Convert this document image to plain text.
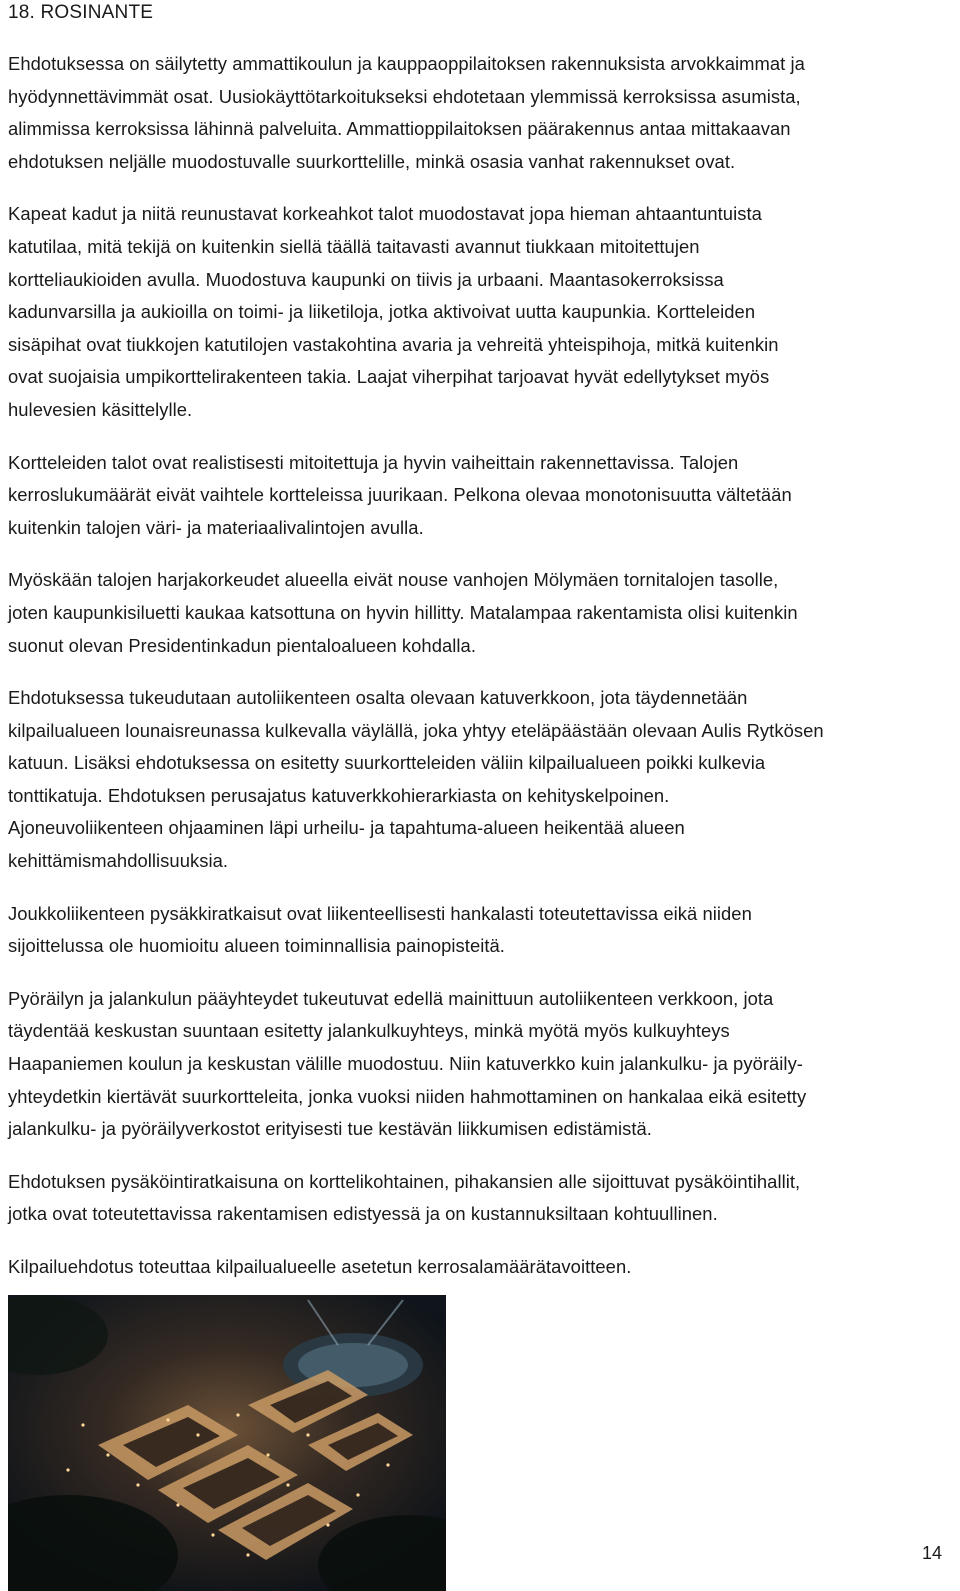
18. ROSINANTE

Ehdotuksessa on säilytetty ammattikoulun ja kauppaoppilaitoksen rakennuksista arvokkaimmat ja
hyödynnettävimmät osat. Uusiokäyttötarkoitukseksi ehdotetaan ylemmissä kerroksissa asumista,
alimmissa kerroksissa lähinnä palveluita. Ammattioppilaitoksen päärakennus antaa mittakaavan
ehdotuksen neljälle muodostuvalle suurkorttelille, minkä osasia vanhat rakennukset ovat.

Kapeat kadut ja niitä reunustavat korkeahkot talot muodostavat jopa hieman ahtaantuntuista
katutilaa, mitä tekijä on kuitenkin siellä täällä taitavasti avannut tiukkaan mitoitettujen
kortteliaukioiden avulla. Muodostuva kaupunki on tiivis ja urbaani. Maantasokerroksissa
kadunvarsilla ja aukioilla on toimi- ja liiketiloja, jotka aktivoivat uutta kaupunkia. Kortteleiden
sisäpihat ovat tiukkojen katutilojen vastakohtina avaria ja vehreitä yhteispihoja, mitkä kuitenkin
ovat suojaisia umpikorttelirakenteen takia. Laajat viherpihat tarjoavat hyvät edellytykset myös
hulevesien käsittelylle.

Kortteleiden talot ovat realistisesti mitoitettuja ja hyvin vaiheittain rakennettavissa. Talojen
kerroslukumäärät eivät vaihtele kortteleissa juurikaan. Pelkona olevaa monotonisuutta vältetään
kuitenkin talojen väri- ja materiaalivalintojen avulla.

Myöskään talojen harjakorkeudet alueella eivät nouse vanhojen Mölymäen tornitalojen tasolle,
joten kaupunkisiluetti kaukaa katsottuna on hyvin hillitty. Matalampaa rakentamista olisi kuitenkin
suonut olevan Presidentinkadun pientaloalueen kohdalla.

Ehdotuksessa tukeudutaan autoliikenteen osalta olevaan katuverkkoon, jota täydennetään
kilpailualueen lounaisreunassa kulkevalla väylällä, joka yhtyy eteläpäästään olevaan Aulis Rytkösen
katuun. Lisäksi ehdotuksessa on esitetty suurkortteleiden väliin kilpailualueen poikki kulkevia
tonttikatuja. Ehdotuksen perusajatus katuverkkohierarkiasta on kehityskelpoinen.
Ajoneuvoliikenteen ohjaaminen läpi urheilu- ja tapahtuma-alueen heikentää alueen
kehittämismahdollisuuksia.

Joukkoliikenteen pysäkkiratkaisut ovat liikenteellisesti hankalasti toteutettavissa eikä niiden
sijoittelussa ole huomioitu alueen toiminnallisia painopisteitä.

Pyöräilyn ja jalankulun pääyhteydet tukeutuvat edellä mainittuun autoliikenteen verkkoon, jota
täydentää keskustan suuntaan esitetty jalankulkuyhteys, minkä myötä myös kulkuyhteys
Haapaniemen koulun ja keskustan välille muodostuu. Niin katuverkko kuin jalankulku- ja pyöräily-
yhteydetkin kiertävät suurkortteleita, jonka vuoksi niiden hahmottaminen on hankalaa eikä esitetty
jalankulku- ja pyöräilyverkostot erityisesti tue kestävän liikkumisen edistämistä.

Ehdotuksen pysäköintiratkaisuna on korttelikohtainen, pihakansien alle sijoittuvat pysäköintihallit,
jotka ovat toteutettavissa rakentamisen edistyessä ja on kustannuksiltaan kohtuullinen.

Kilpailuehdotus toteuttaa kilpailualueelle asetetun kerrosalamäärätavoitteen.

14
